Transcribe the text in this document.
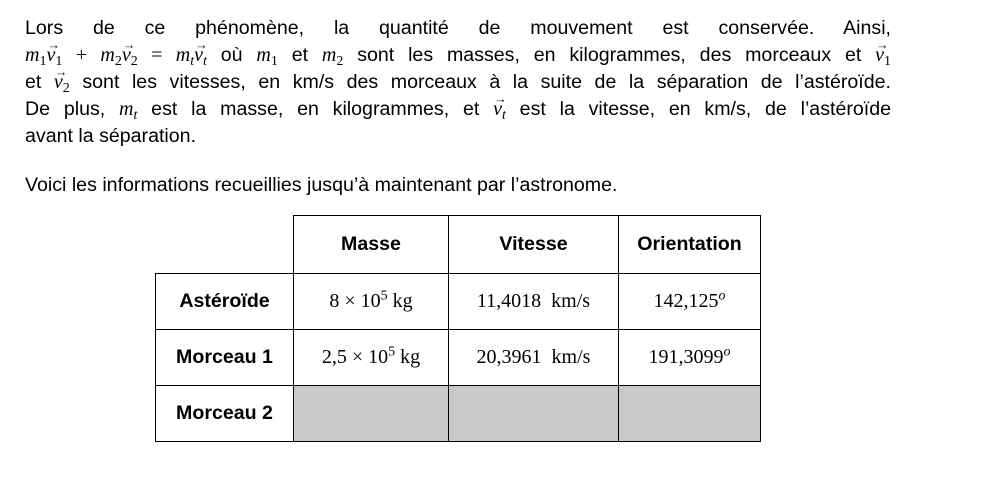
Lors de ce phénomène, la quantité de mouvement est conservée. Ainsi,
$m_1\to v_1 + m_2\to v_2 = m_t\to v_t$ où $m_1$ et $m_2$ sont les masses, en kilogrammes, des morceaux et → $v_1$
et → $v_2$ sont les vitesses, en km/s des morceaux à la suite de la séparation de l’astéroïde.
De plus, $m_t$ est la masse, en kilogrammes, et → $v_t$ est la vitesse, en km/s, de l’astéroïde
avant la séparation.

Voici les informations recueillies jusqu’à maintenant par l’astronome.

	Masse	Vitesse	Orientation
Astéroïde	$8 \times 10^5$ kg	11,4018  km/s	142,125$^o$
Morceau 1	$2,5 \times 10^5$ kg	20,3961  km/s	191,3099$^o$
Morceau 2			
